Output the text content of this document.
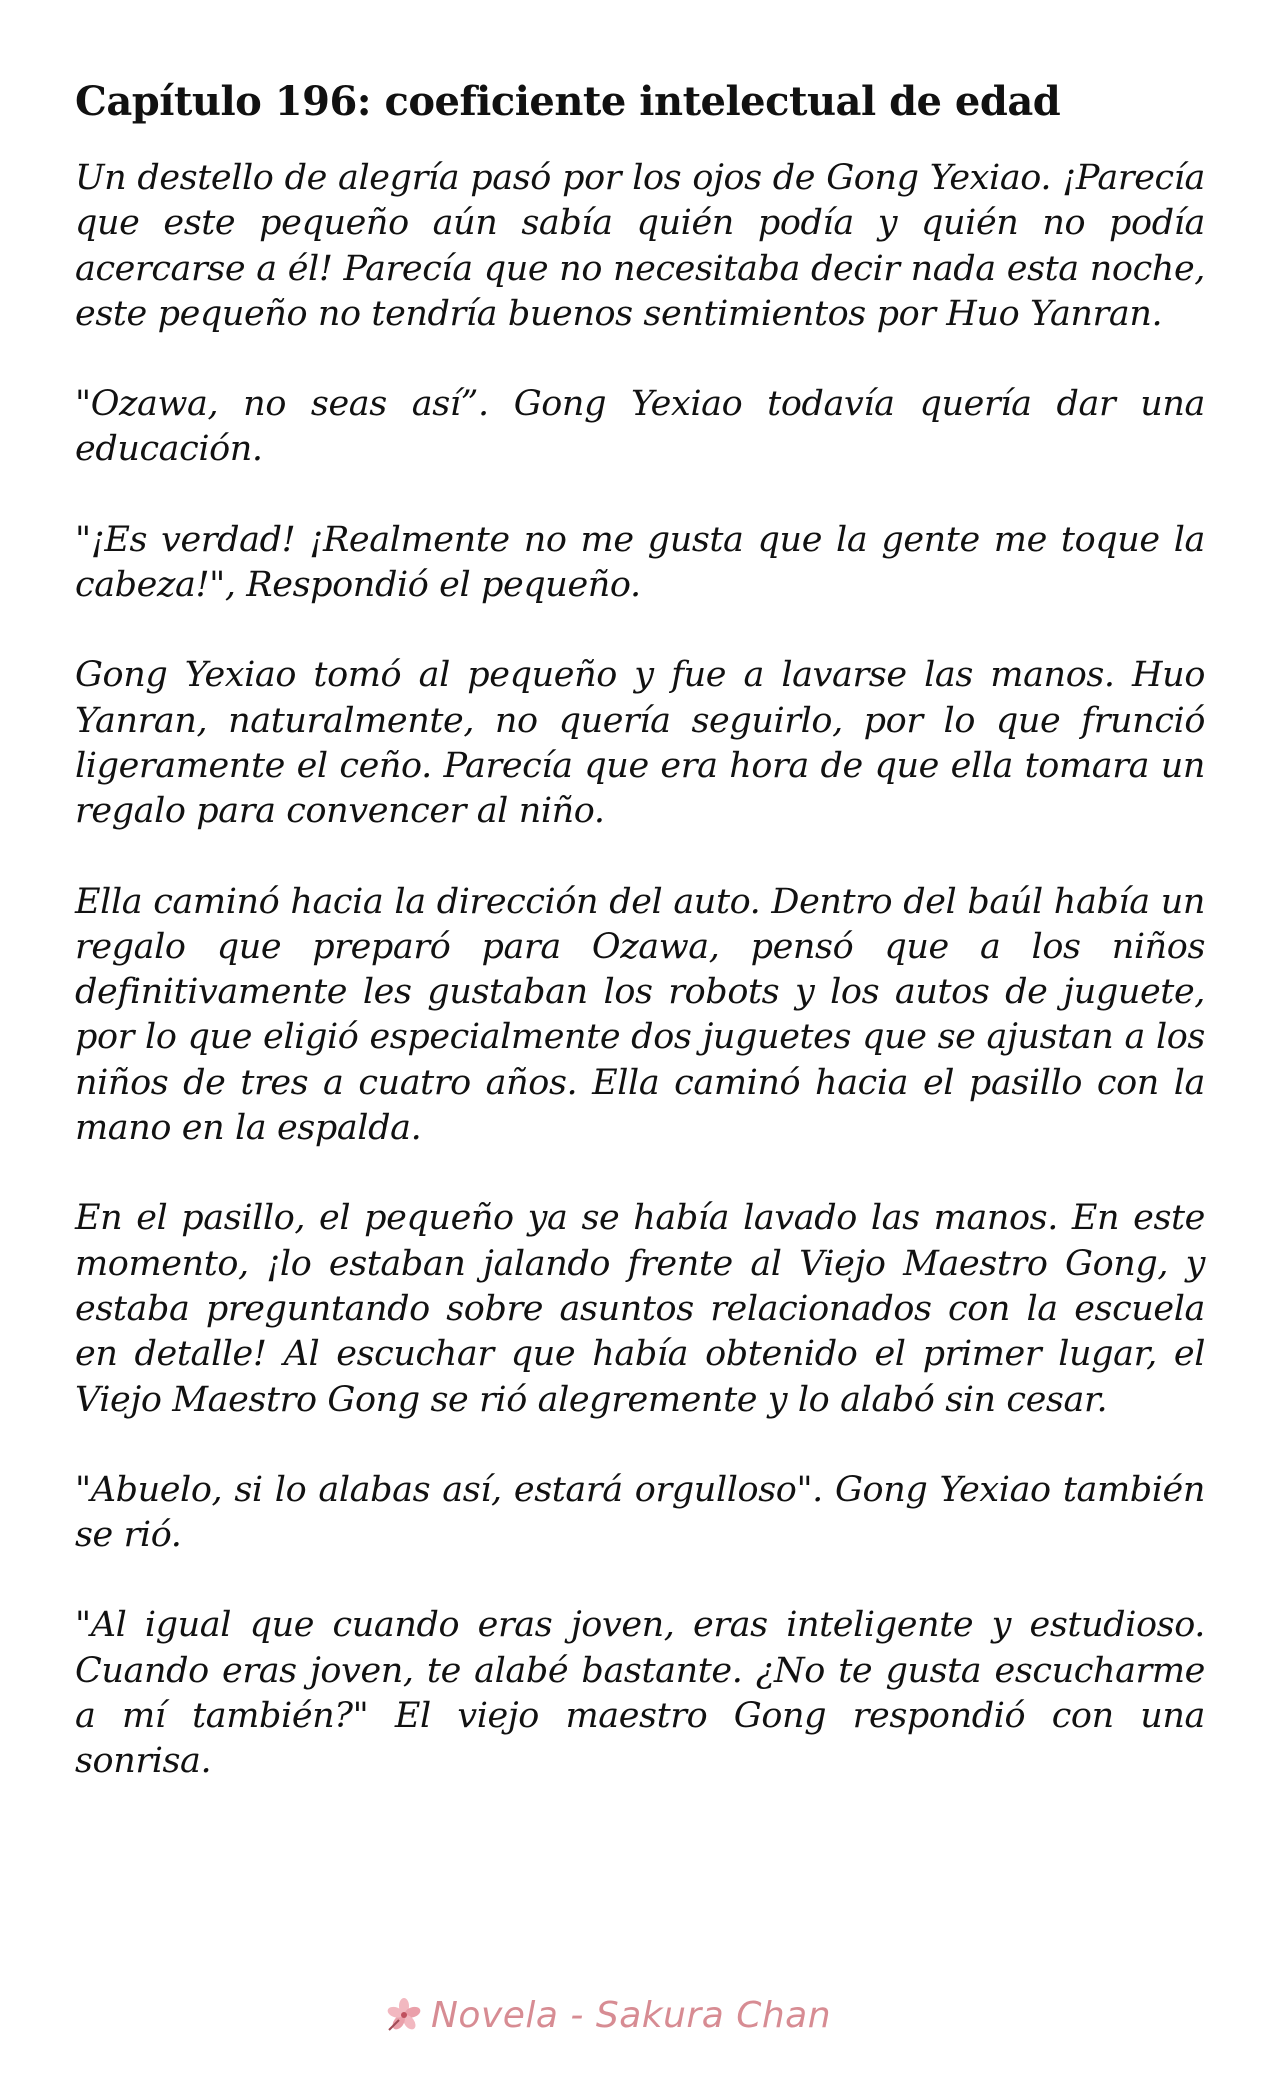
Capítulo 196: coeficiente intelectual de edad

Un destello de alegría pasó por los ojos de Gong Yexiao. ¡Parecía que este pequeño aún sabía quién podía y quién no podía acercarse a él! Parecía que no necesitaba decir nada esta noche, este pequeño no tendría buenos sentimientos por Huo Yanran.

"Ozawa, no seas así”. Gong Yexiao todavía quería dar una educación.

"¡Es verdad! ¡Realmente no me gusta que la gente me toque la cabeza!", Respondió el pequeño.

Gong Yexiao tomó al pequeño y fue a lavarse las manos. Huo Yanran, naturalmente, no quería seguirlo, por lo que frunció ligeramente el ceño. Parecía que era hora de que ella tomara un regalo para convencer al niño.

Ella caminó hacia la dirección del auto. Dentro del baúl había un regalo que preparó para Ozawa, pensó que a los niños definitivamente les gustaban los robots y los autos de juguete, por lo que eligió especialmente dos juguetes que se ajustan a los niños de tres a cuatro años. Ella caminó hacia el pasillo con la mano en la espalda.

En el pasillo, el pequeño ya se había lavado las manos. En este momento, ¡lo estaban jalando frente al Viejo Maestro Gong, y estaba preguntando sobre asuntos relacionados con la escuela en detalle! Al escuchar que había obtenido el primer lugar, el Viejo Maestro Gong se rió alegremente y lo alabó sin cesar.

"Abuelo, si lo alabas así, estará orgulloso". Gong Yexiao también se rió.

"Al igual que cuando eras joven, eras inteligente y estudioso. Cuando eras joven, te alabé bastante. ¿No te gusta escucharme a mí también?" El viejo maestro Gong respondió con una sonrisa.

Novela - Sakura Chan
